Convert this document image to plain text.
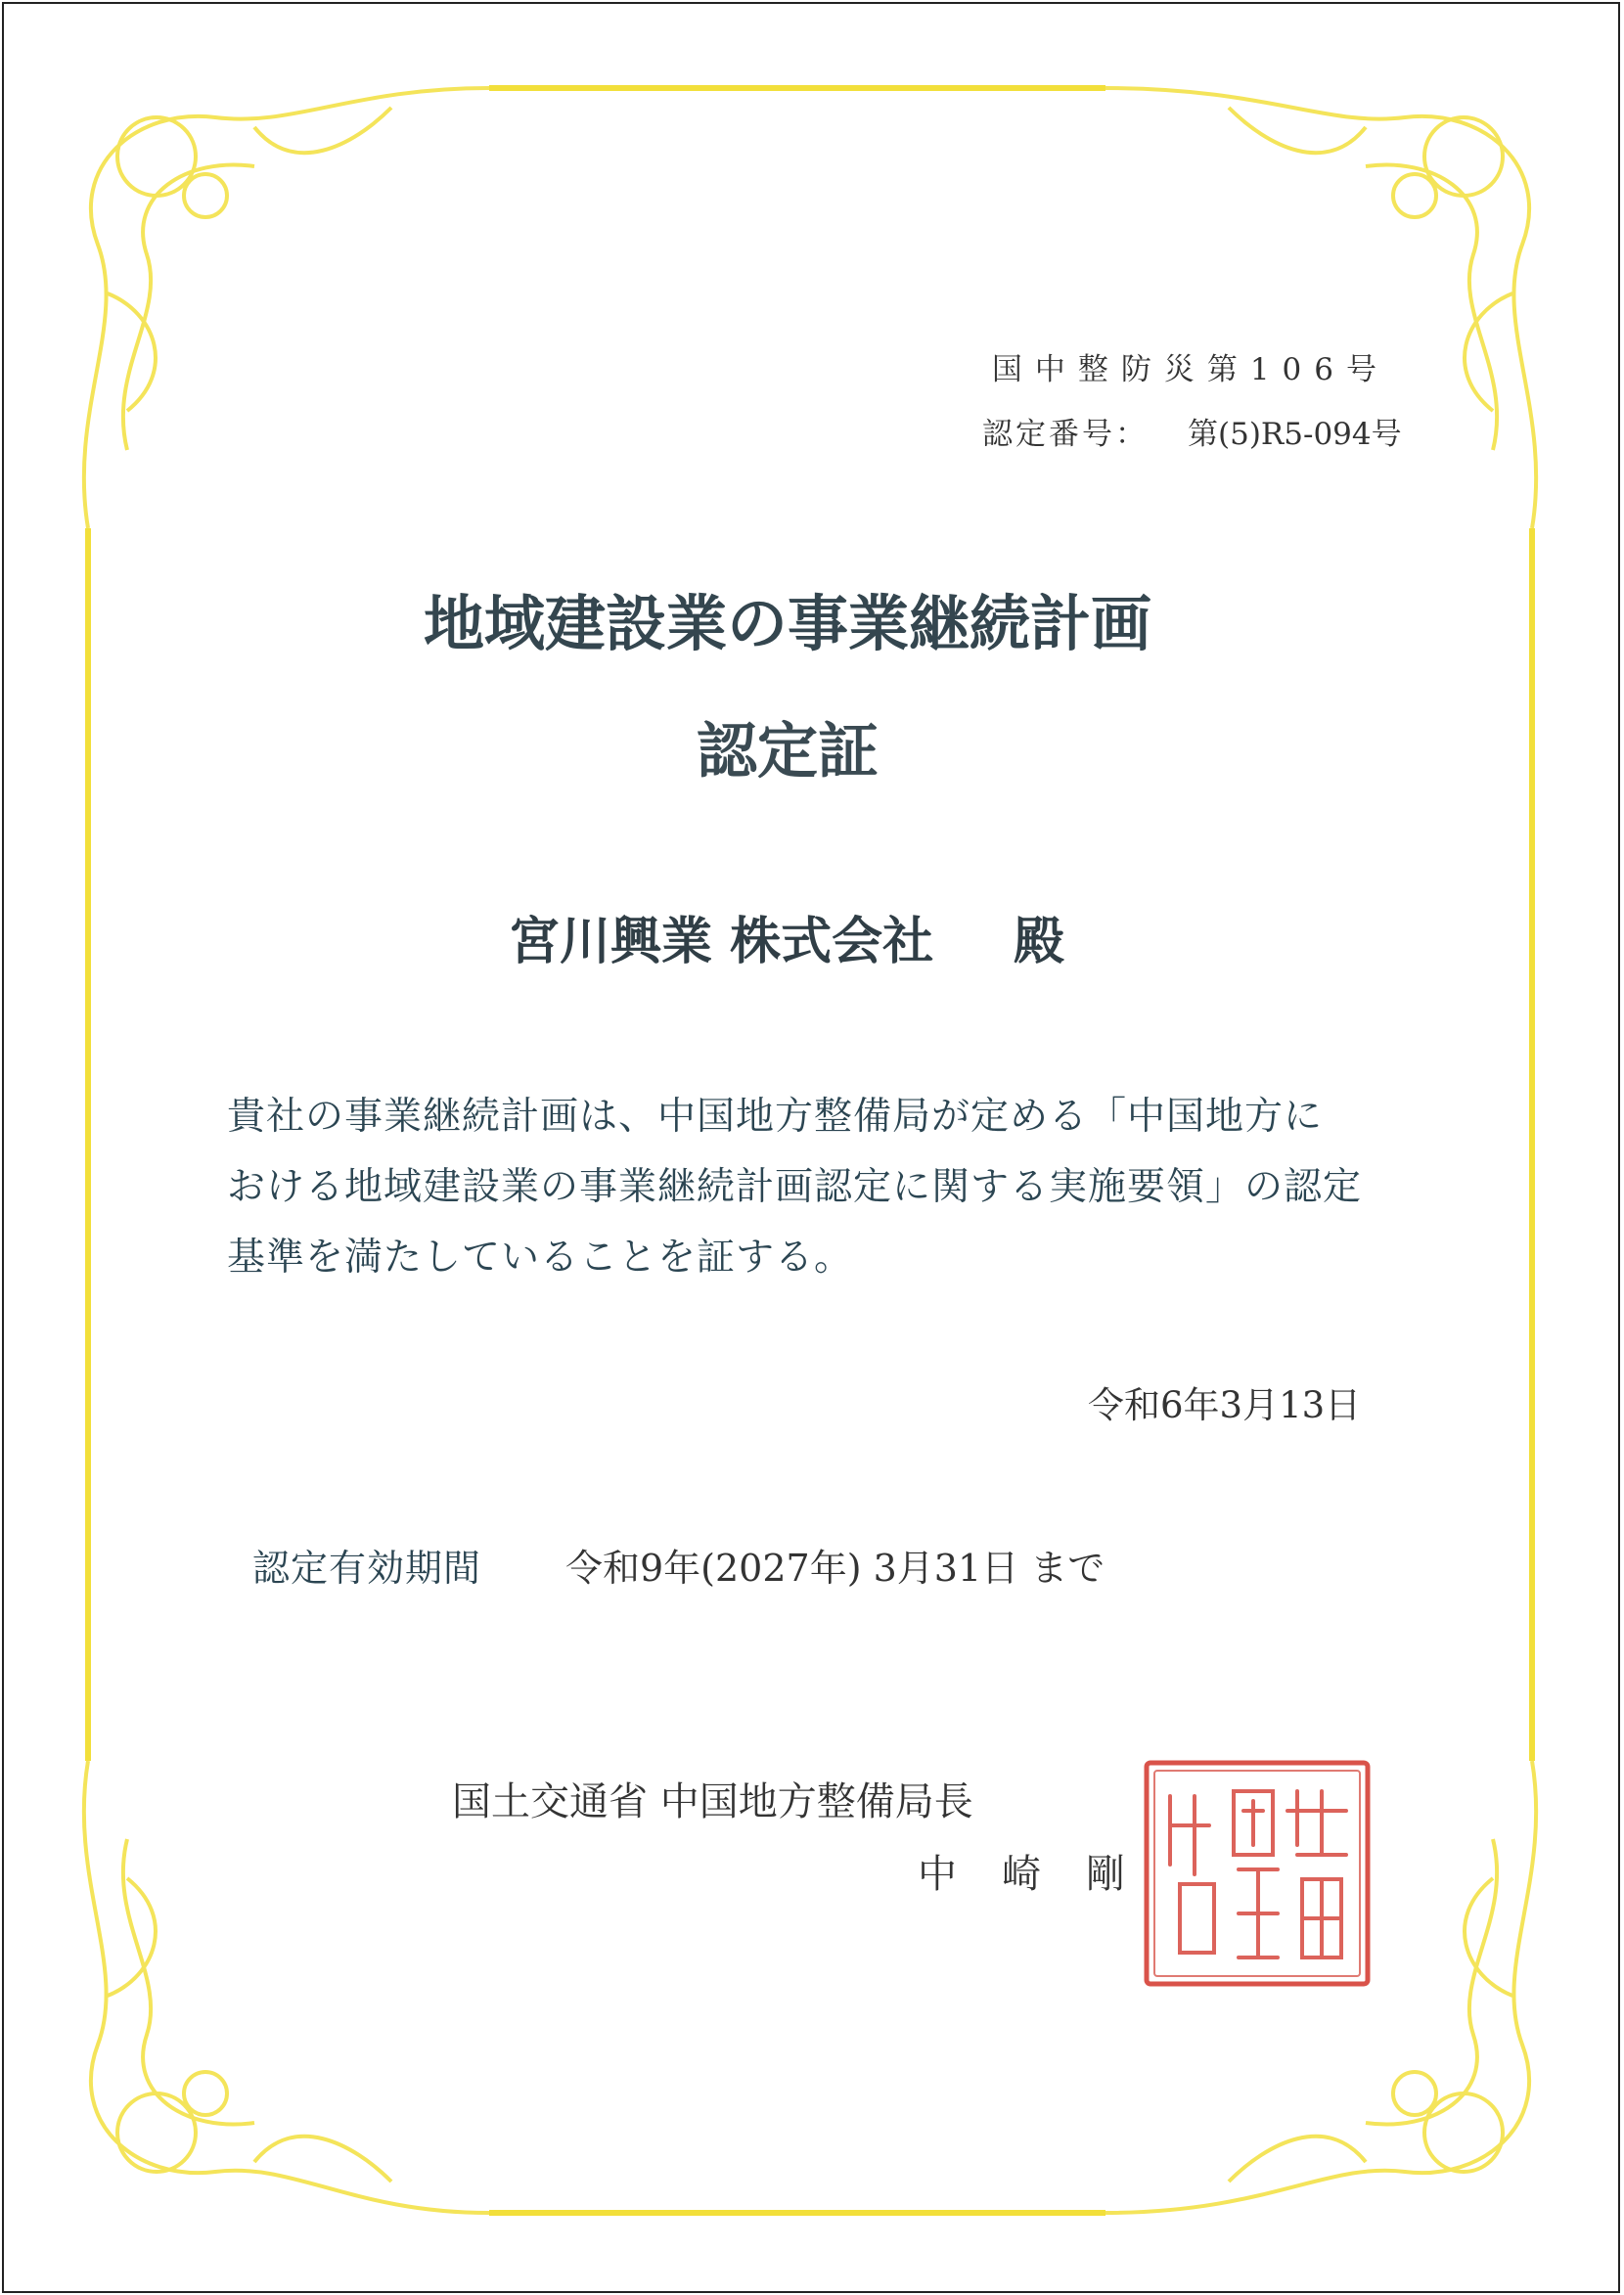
国中整防災第106号
認定番号： 第(5)R5-094号
地域建設業の事業継続計画
認定証
宮川興業 株式会社 殿
貴社の事業継続計画は、中国地方整備局が定める「中国地方に
おける地域建設業の事業継続計画認定に関する実施要領」の認定
基準を満たしていることを証する。
令和6年3月13日
認定有効期間 令和9年(2027年) 3月31日 まで
国土交通省 中国地方整備局長
中崎剛
